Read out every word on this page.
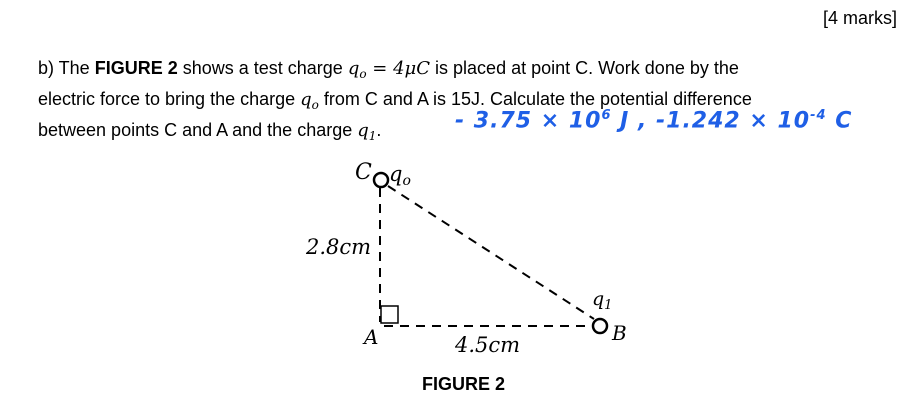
[4 marks]
b) The FIGURE 2 shows a test charge $q_o = 4\mu C$ is placed at point C. Work done by the
electric force to bring the charge $q_o$ from C and A is 15J. Calculate the potential difference
between points C and A and the charge $q_1$.	- $3.75 \times 10^6$ J , $-1.242 \times 10^{-4}$ C
C qo
2.8cm
A	4.5cm
$q_1$
B
FIGURE 2
